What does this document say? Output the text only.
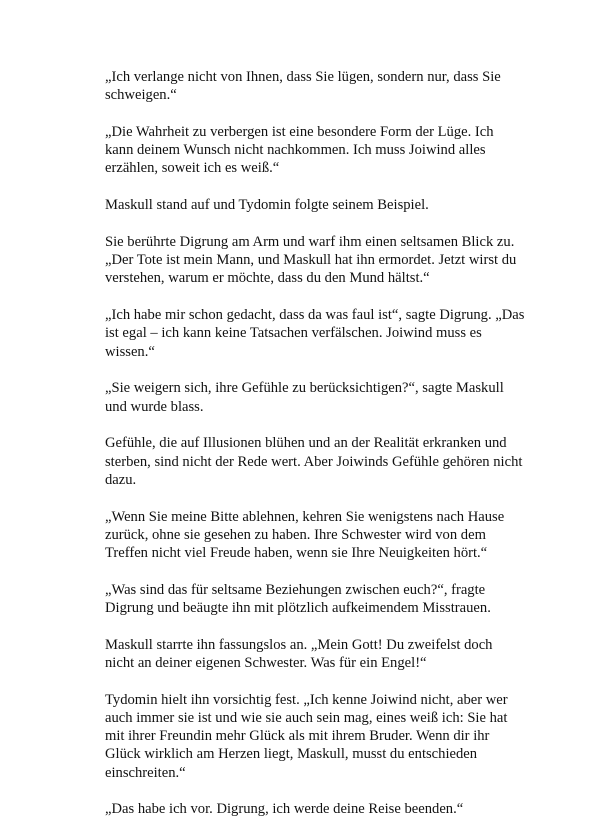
„Ich verlange nicht von Ihnen, dass Sie lügen, sondern nur, dass Sie schweigen.“

„Die Wahrheit zu verbergen ist eine besondere Form der Lüge. Ich kann deinem Wunsch nicht nachkommen. Ich muss Joiwind alles erzählen, soweit ich es weiß.“

Maskull stand auf und Tydomin folgte seinem Beispiel.

Sie berührte Digrung am Arm und warf ihm einen seltsamen Blick zu. „Der Tote ist mein Mann, und Maskull hat ihn ermordet. Jetzt wirst du verstehen, warum er möchte, dass du den Mund hältst.“

„Ich habe mir schon gedacht, dass da was faul ist“, sagte Digrung. „Das ist egal – ich kann keine Tatsachen verfälschen. Joiwind muss es wissen.“

„Sie weigern sich, ihre Gefühle zu berücksichtigen?“, sagte Maskull und wurde blass.

Gefühle, die auf Illusionen blühen und an der Realität erkranken und sterben, sind nicht der Rede wert. Aber Joiwinds Gefühle gehören nicht dazu.

„Wenn Sie meine Bitte ablehnen, kehren Sie wenigstens nach Hause zurück, ohne sie gesehen zu haben. Ihre Schwester wird von dem Treffen nicht viel Freude haben, wenn sie Ihre Neuigkeiten hört.“

„Was sind das für seltsame Beziehungen zwischen euch?“, fragte Digrung und beäugte ihn mit plötzlich aufkeimendem Misstrauen.

Maskull starrte ihn fassungslos an. „Mein Gott! Du zweifelst doch nicht an deiner eigenen Schwester. Was für ein Engel!“

Tydomin hielt ihn vorsichtig fest. „Ich kenne Joiwind nicht, aber wer auch immer sie ist und wie sie auch sein mag, eines weiß ich: Sie hat mit ihrer Freundin mehr Glück als mit ihrem Bruder. Wenn dir ihr Glück wirklich am Herzen liegt, Maskull, musst du entschieden einschreiten.“

„Das habe ich vor. Digrung, ich werde deine Reise beenden.“
